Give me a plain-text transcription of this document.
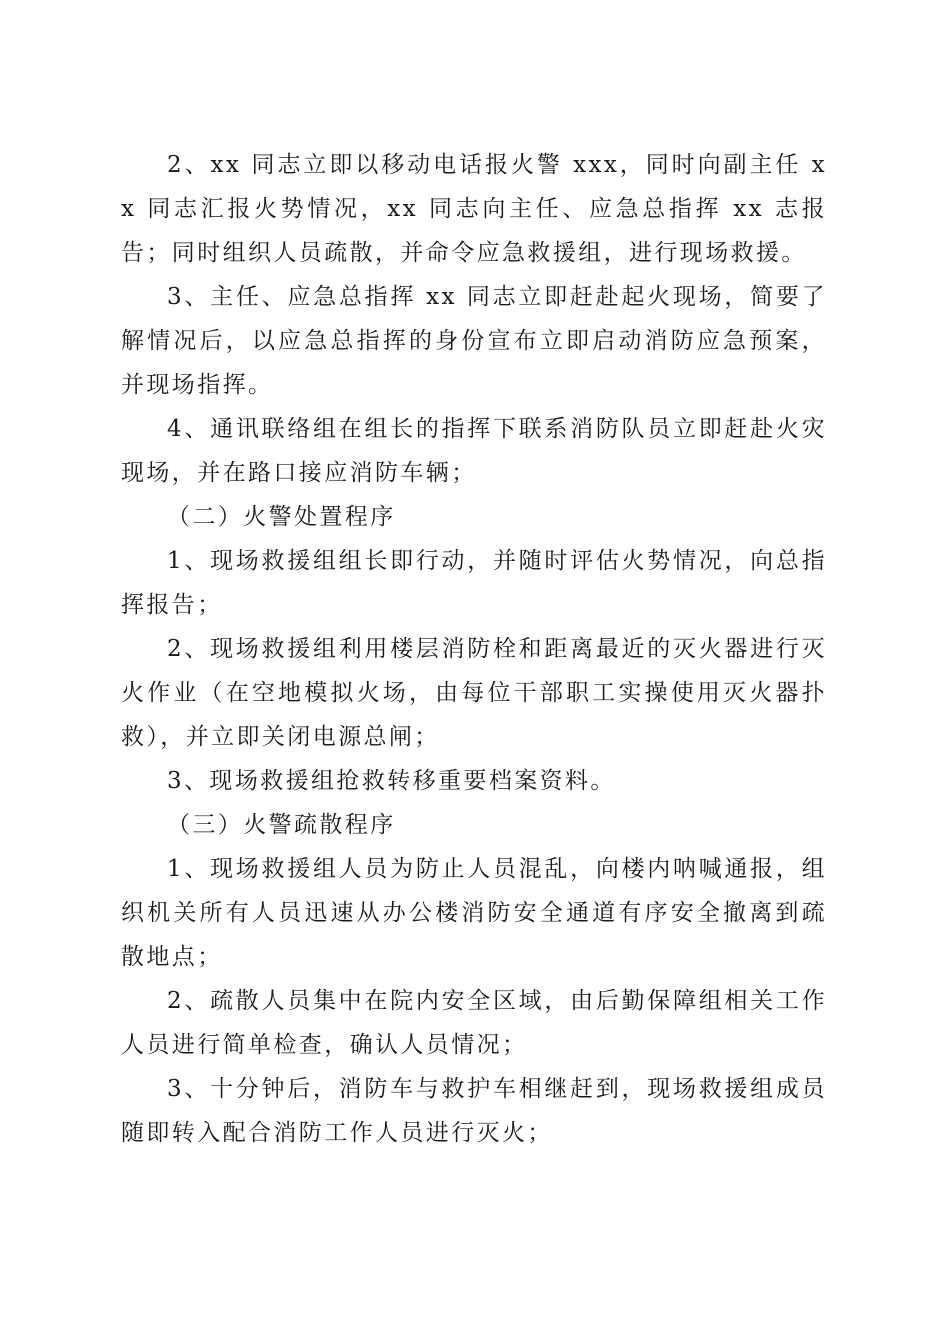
2、xx 同志立即以移动电话报火警 xxx，同时向副主任 xx 同志汇报火势情况，xx 同志向主任、应急总指挥 xx 志报告；同时组织人员疏散，并命令应急救援组，进行现场救援。

3、主任、应急总指挥 xx 同志立即赶赴起火现场，简要了解情况后，以应急总指挥的身份宣布立即启动消防应急预案，并现场指挥。

4、通讯联络组在组长的指挥下联系消防队员立即赶赴火灾现场，并在路口接应消防车辆；

（二）火警处置程序

1、现场救援组组长即行动，并随时评估火势情况，向总指挥报告；

2、现场救援组利用楼层消防栓和距离最近的灭火器进行灭火作业（在空地模拟火场，由每位干部职工实操使用灭火器扑救），并立即关闭电源总闸；

3、现场救援组抢救转移重要档案资料。

（三）火警疏散程序

1、现场救援组人员为防止人员混乱，向楼内呐喊通报，组织机关所有人员迅速从办公楼消防安全通道有序安全撤离到疏散地点；

2、疏散人员集中在院内安全区域，由后勤保障组相关工作人员进行简单检查，确认人员情况；

3、十分钟后，消防车与救护车相继赶到，现场救援组成员随即转入配合消防工作人员进行灭火；
